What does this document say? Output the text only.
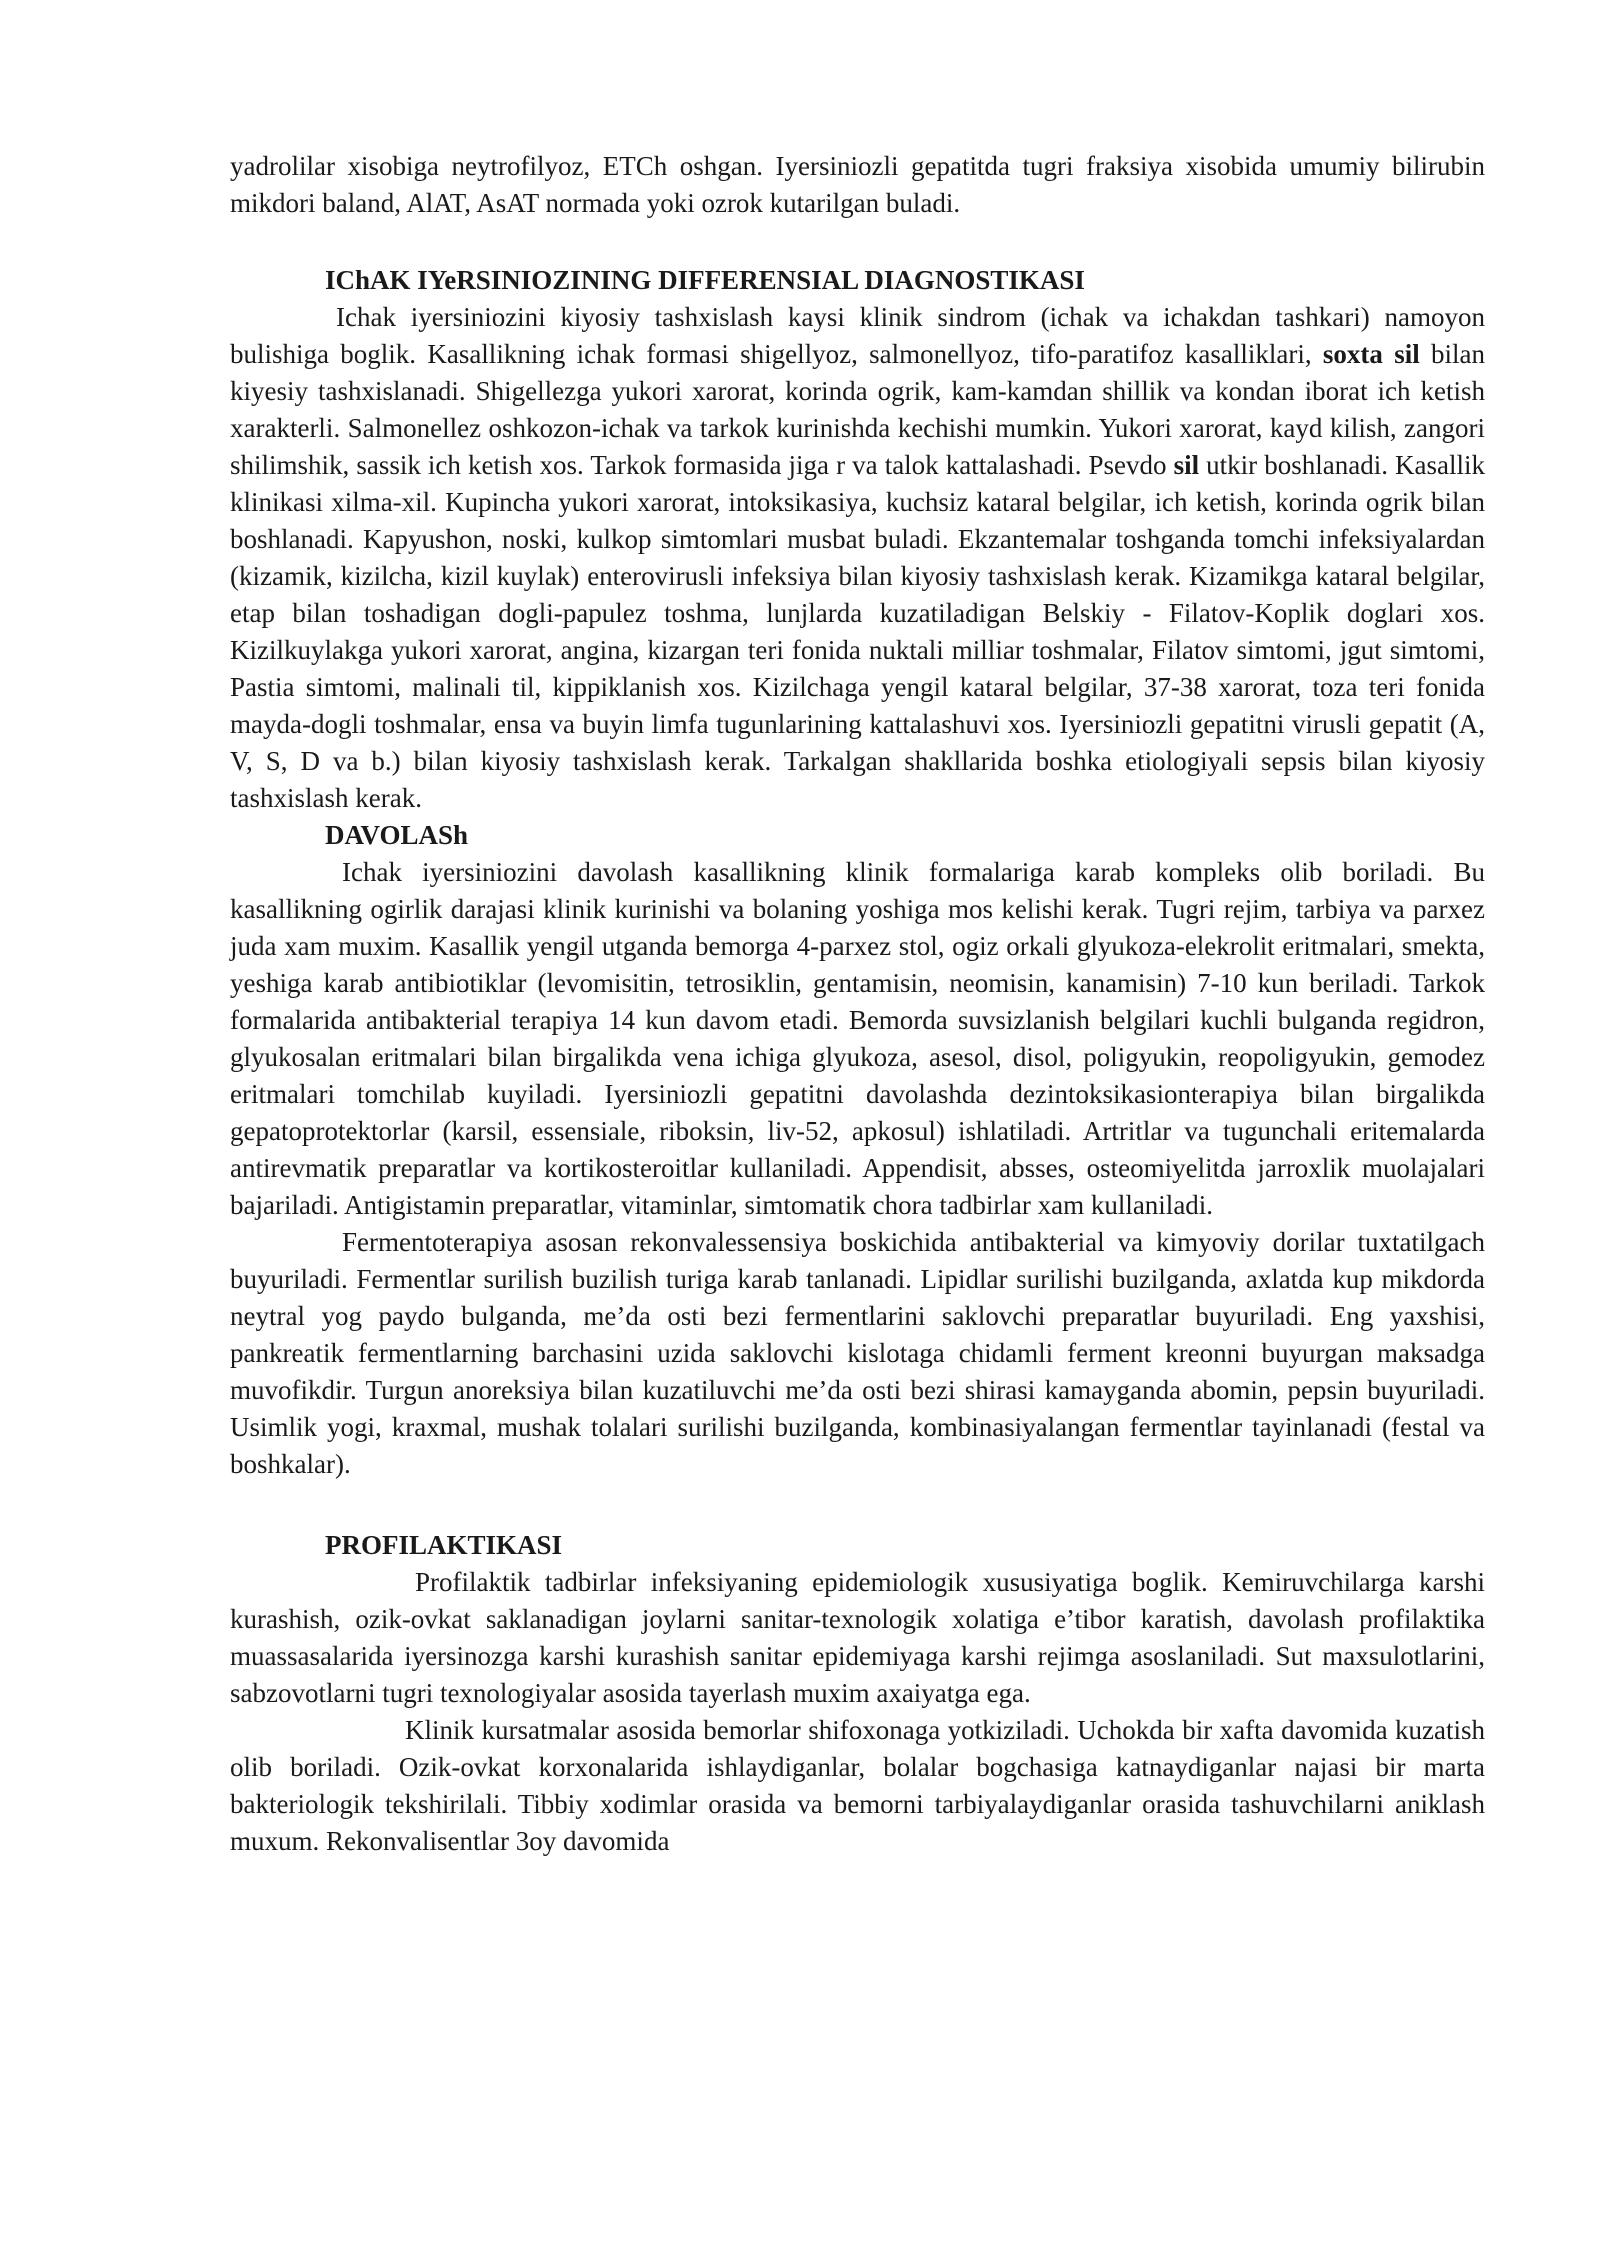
yadrolilar xisobiga neytrofilyoz, ETCh oshgan. Iyersiniozli gepatitda tugri fraksiya xisobida umumiy bilirubin mikdori baland, AlAT, AsAT normada yoki ozrok kutarilgan buladi.

IChAK IYeRSINIOZINING DIFFERENSIAL DIAGNOSTIKASI

Ichak iyersiniozini kiyosiy tashxislash kaysi klinik sindrom (ichak va ichakdan tashkari) namoyon bulishiga boglik. Kasallikning ichak formasi shigellyoz, salmonellyoz, tifo-paratifoz kasalliklari, soxta sil bilan kiyesiy tashxislanadi. Shigellezga yukori xarorat, korinda ogrik, kam-kamdan shillik va kondan iborat ich ketish xarakterli. Salmonellez oshkozon-ichak va tarkok kurinishda kechishi mumkin. Yukori xarorat, kayd kilish, zangori shilimshik, sassik ich ketish xos. Tarkok formasida jiga r va talok kattalashadi. Psevdo sil utkir boshlanadi. Kasallik klinikasi xilma-xil. Kupincha yukori xarorat, intoksikasiya, kuchsiz kataral belgilar, ich ketish, korinda ogrik bilan boshlanadi. Kapyushon, noski, kulkop simtomlari musbat buladi. Ekzantemalar toshganda tomchi infeksiyalardan (kizamik, kizilcha, kizil kuylak) enterovirusli infeksiya bilan kiyosiy tashxislash kerak. Kizamikga kataral belgilar, etap bilan toshadigan dogli-papulez toshma, lunjlarda kuzatiladigan Belskiy - Filatov-Koplik doglari xos. Kizilkuylakga yukori xarorat, angina, kizargan teri fonida nuktali milliar toshmalar, Filatov simtomi, jgut simtomi, Pastia simtomi, malinali til, kippiklanish xos. Kizilchaga yengil kataral belgilar, 37-38 xarorat, toza teri fonida mayda-dogli toshmalar, ensa va buyin limfa tugunlarining kattalashuvi xos. Iyersiniozli gepatitni virusli gepatit (A, V, S, D va b.) bilan kiyosiy tashxislash kerak. Tarkalgan shakllarida boshka etiologiyali sepsis bilan kiyosiy tashxislash kerak.

DAVOLASh

Ichak iyersiniozini davolash kasallikning klinik formalariga karab kompleks olib boriladi. Bu kasallikning ogirlik darajasi klinik kurinishi va bolaning yoshiga mos kelishi kerak. Tugri rejim, tarbiya va parxez juda xam muxim. Kasallik yengil utganda bemorga 4-parxez stol, ogiz orkali glyukoza-elekrolit eritmalari, smekta, yeshiga karab antibiotiklar (levomisitin, tetrosiklin, gentamisin, neomisin, kanamisin) 7-10 kun beriladi. Tarkok formalarida antibakterial terapiya 14 kun davom etadi. Bemorda suvsizlanish belgilari kuchli bulganda regidron, glyukosalan eritmalari bilan birgalikda vena ichiga glyukoza, asesol, disol, poligyukin, reopoligyukin, gemodez eritmalari tomchilab kuyiladi. Iyersiniozli gepatitni davolashda dezintoksikasionterapiya bilan birgalikda gepatoprotektorlar (karsil, essensiale, riboksin, liv-52, apkosul) ishlatiladi. Artritlar va tugunchali eritemalarda antirevmatik preparatlar va kortikosteroitlar kullaniladi. Appendisit, absses, osteomiyelitda jarroxlik muolajalari bajariladi. Antigistamin preparatlar, vitaminlar, simtomatik chora tadbirlar xam kullaniladi.

Fermentoterapiya asosan rekonvalessensiya boskichida antibakterial va kimyoviy dorilar tuxtatilgach buyuriladi. Fermentlar surilish buzilish turiga karab tanlanadi. Lipidlar surilishi buzilganda, axlatda kup mikdorda neytral yog paydo bulganda, me’da osti bezi fermentlarini saklovchi preparatlar buyuriladi. Eng yaxshisi, pankreatik fermentlarning barchasini uzida saklovchi kislotaga chidamli ferment kreonni buyurgan maksadga muvofikdir. Turgun anoreksiya bilan kuzatiluvchi me’da osti bezi shirasi kamayganda abomin, pepsin buyuriladi. Usimlik yogi, kraxmal, mushak tolalari surilishi buzilganda, kombinasiyalangan fermentlar tayinlanadi (festal va boshkalar).

PROFILAKTIKASI

Profilaktik tadbirlar infeksiyaning epidemiologik xususiyatiga boglik. Kemiruvchilarga karshi kurashish, ozik-ovkat saklanadigan joylarni sanitar-texnologik xolatiga e’tibor karatish, davolash profilaktika muassasalarida iyersinozga karshi kurashish sanitar epidemiyaga karshi rejimga asoslaniladi. Sut maxsulotlarini, sabzovotlarni tugri texnologiyalar asosida tayerlash muxim axaiyatga ega.

Klinik kursatmalar asosida bemorlar shifoxonaga yotkiziladi. Uchokda bir xafta davomida kuzatish olib boriladi. Ozik-ovkat korxonalarida ishlaydiganlar, bolalar bogchasiga katnaydiganlar najasi bir marta bakteriologik tekshirilali. Tibbiy xodimlar orasida va bemorni tarbiyalaydiganlar orasida tashuvchilarni aniklash muxum. Rekonvalisentlar 3oy davomida
